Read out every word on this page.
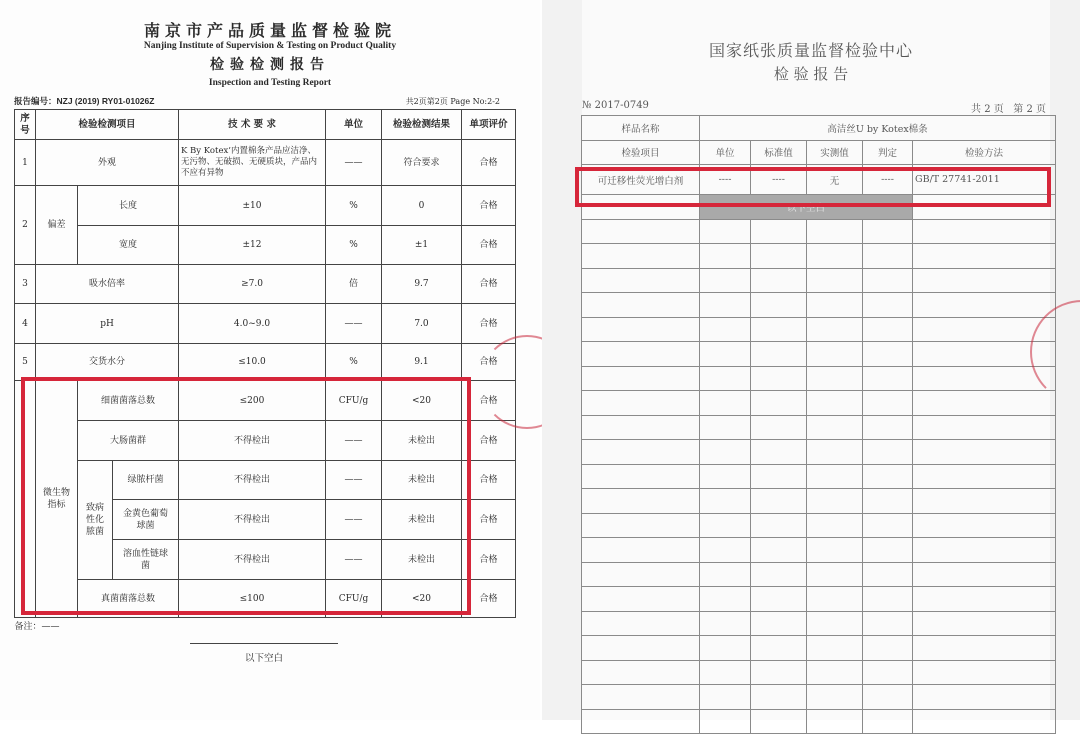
南京市产品质量监督检验院
Nanjing Institute of Supervision & Testing on Product Quality
检验检测报告
Inspection and Testing Report
报告编号：NZJ (2019) RY01-01026Z	共2页第2页 Page No:2-2
序号	检验检测项目			技 术 要 求	单位	检验检测结果	单项评价
1	外观			K By Kotex’内置棉条产品应洁净、无污物、无破损、无硬质块，产品内不应有异物	——	符合要求	合格
2	偏差	长度		±10	%	0	合格
		宽度		±12	%	±1	合格
3	吸水倍率			≥7.0	倍	9.7	合格
4	pH			4.0~9.0	——	7.0	合格
5	交货水分			≤10.0	%	9.1	合格
	微生物指标	细菌菌落总数		≤200	CFU/g	<20	合格
		大肠菌群		不得检出	——	未检出	合格
		致病性化脓菌	绿脓杆菌	不得检出	——	未检出	合格
			金黄色葡萄球菌	不得检出	——	未检出	合格
			溶血性链球菌	不得检出	——	未检出	合格
		真菌菌落总数		≤100	CFU/g	<20	合格
备注：——							
以下空白
国家纸张质量监督检验中心
检 验 报 告
№ 2017-0749	共 2 页   第 2 页
样品名称	高洁丝U by Kotex棉条				
检验项目	单位	标准值	实测值	判定	检验方法
可迁移性荧光增白剂	----	----	无	----	GB/T 27741-2011
	以下空白				
